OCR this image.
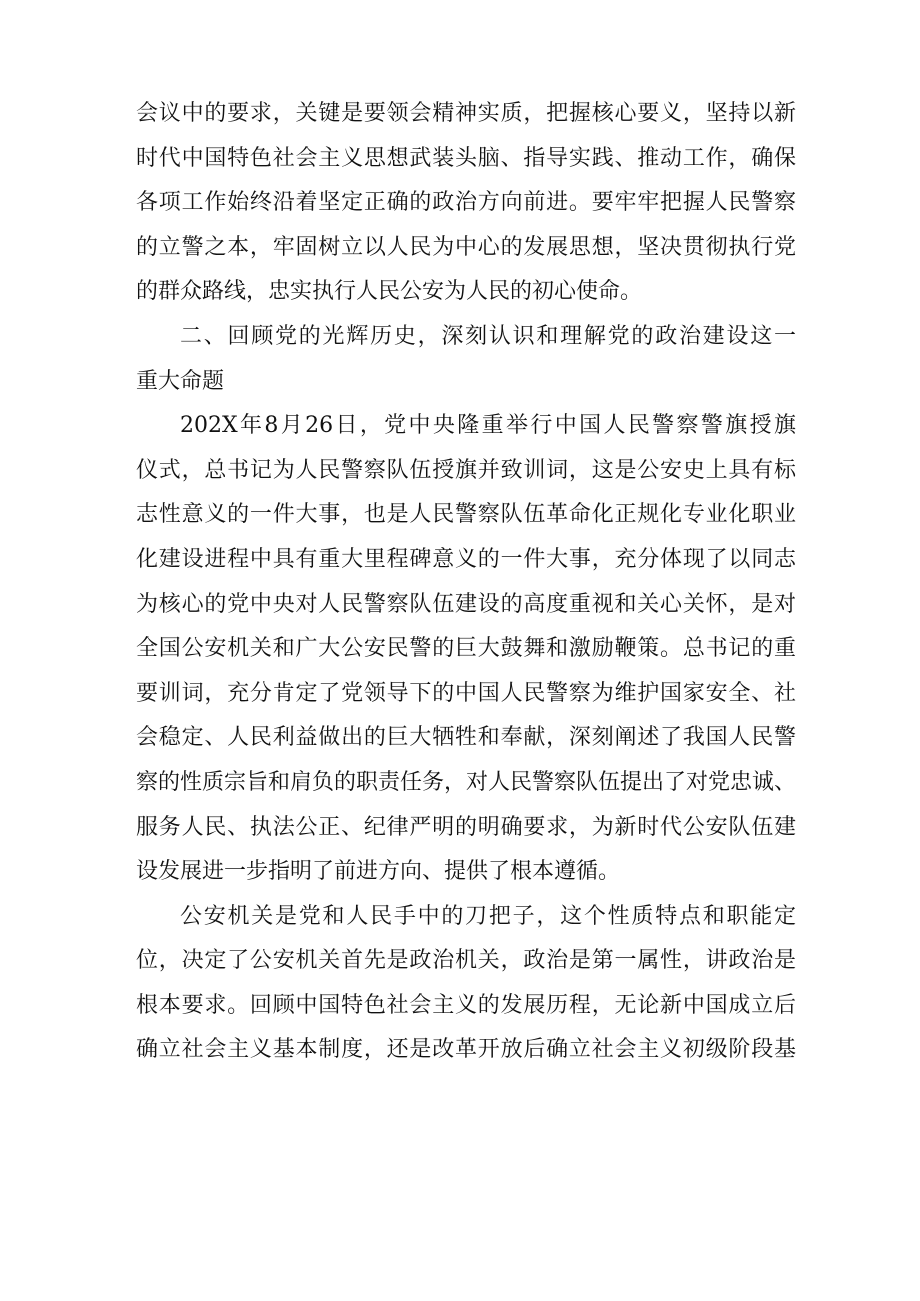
会议中的要求，关键是要领会精神实质，把握核心要义，坚持以新
时代中国特色社会主义思想武装头脑、指导实践、推动工作，确保
各项工作始终沿着坚定正确的政治方向前进。要牢牢把握人民警察
的立警之本，牢固树立以人民为中心的发展思想，坚决贯彻执行党
的群众路线，忠实执行人民公安为人民的初心使命。
二、回顾党的光辉历史，深刻认识和理解党的政治建设这一
重大命题
202X年8月26日，党中央隆重举行中国人民警察警旗授旗
仪式，总书记为人民警察队伍授旗并致训词，这是公安史上具有标
志性意义的一件大事，也是人民警察队伍革命化正规化专业化职业
化建设进程中具有重大里程碑意义的一件大事，充分体现了以同志
为核心的党中央对人民警察队伍建设的高度重视和关心关怀，是对
全国公安机关和广大公安民警的巨大鼓舞和激励鞭策。总书记的重
要训词，充分肯定了党领导下的中国人民警察为维护国家安全、社
会稳定、人民利益做出的巨大牺牲和奉献，深刻阐述了我国人民警
察的性质宗旨和肩负的职责任务，对人民警察队伍提出了对党忠诚、
服务人民、执法公正、纪律严明的明确要求，为新时代公安队伍建
设发展进一步指明了前进方向、提供了根本遵循。
公安机关是党和人民手中的刀把子，这个性质特点和职能定
位，决定了公安机关首先是政治机关，政治是第一属性，讲政治是
根本要求。回顾中国特色社会主义的发展历程，无论新中国成立后
确立社会主义基本制度，还是改革开放后确立社会主义初级阶段基
